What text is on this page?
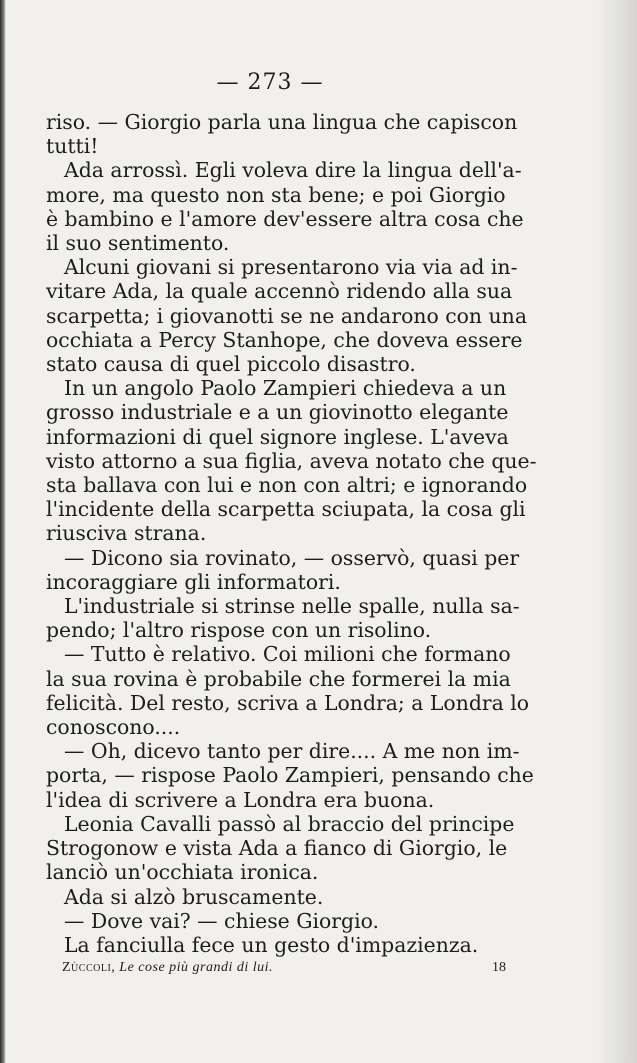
— 273 —
riso. — Giorgio parla una lingua che capiscon
tutti!
Ada arrossì. Egli voleva dire la lingua dell'a-
more, ma questo non sta bene; e poi Giorgio
è bambino e l'amore dev'essere altra cosa che
il suo sentimento.
Alcuni giovani si presentarono via via ad in-
vitare Ada, la quale accennò ridendo alla sua
scarpetta; i giovanotti se ne andarono con una
occhiata a Percy Stanhope, che doveva essere
stato causa di quel piccolo disastro.
In un angolo Paolo Zampieri chiedeva a un
grosso industriale e a un giovinotto elegante
informazioni di quel signore inglese. L'aveva
visto attorno a sua figlia, aveva notato che que-
sta ballava con lui e non con altri; e ignorando
l'incidente della scarpetta sciupata, la cosa gli
riusciva strana.
— Dicono sia rovinato, — osservò, quasi per
incoraggiare gli informatori.
L'industriale si strinse nelle spalle, nulla sa-
pendo; l'altro rispose con un risolino.
— Tutto è relativo. Coi milioni che formano
la sua rovina è probabile che formerei la mia
felicità. Del resto, scriva a Londra; a Londra lo
conoscono....
— Oh, dicevo tanto per dire.... A me non im-
porta, — rispose Paolo Zampieri, pensando che
l'idea di scrivere a Londra era buona.
Leonia Cavalli passò al braccio del principe
Strogonow e vista Ada a fianco di Giorgio, le
lanciò un'occhiata ironica.
Ada si alzò bruscamente.
— Dove vai? — chiese Giorgio.
La fanciulla fece un gesto d'impazienza.
Zùccoli, Le cose più grandi di lui.	18
